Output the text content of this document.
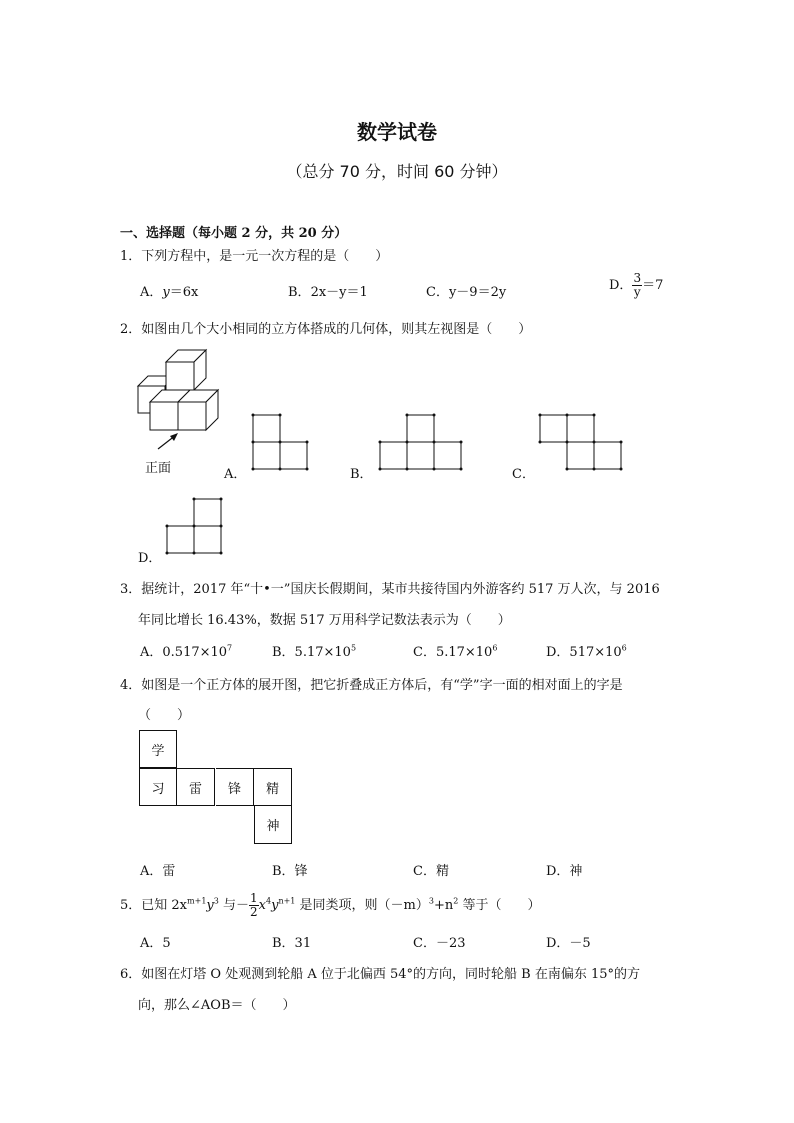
数学试卷
（总分 70 分，时间 60 分钟）
一、选择题（每小题 2 分，共 20 分）
1．下列方程中，是一元一次方程的是（　　）
A．y＝6x	B．2x－y＝1	C．y－9＝2y	D． $\frac{3}{y} =7$
2．如图由几个大小相同的立方体搭成的几何体，则其左视图是（　　）
正面	A．	B．	C．
D．
3．据统计，2017 年“十•一”国庆长假期间，某市共接待国内外游客约 517 万人次，与 2016
年同比增长 16.43%，数据 517 万用科学记数法表示为（　　）
A．$0.517\times 10^7$	B．$5.17\times 10^5$	C．$5.17\times 10^6$	D．$517\times 10^6$
4．如图是一个正方体的展开图，把它折叠成正方体后，有“学”字一面的相对面上的字是
（　　）
学
习	雷	锋	精
神
A．雷	B．锋	C．精	D．神
5．已知 $2x^{m+1}y^3$ 与－ $\frac{1}{2} x^4y^{n+1}$ 是同类项，则$(-m)^3+n^2$ 等于（　　）
A．5	B．31	C．－23	D．－5
6．如图在灯塔 O 处观测到轮船 A 位于北偏西 54°的方向，同时轮船 B 在南偏东 15°的方
向，那么∠AOB＝（　　）
